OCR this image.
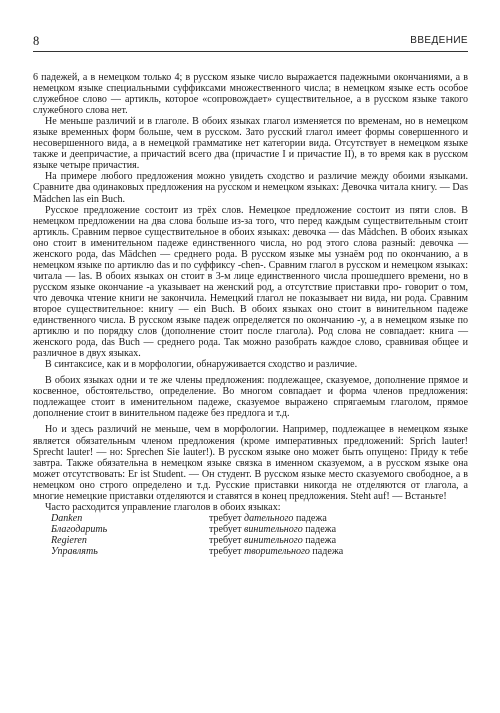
8	ВВЕДЕНИЕ

6 падежей, а в немецком только 4; в русском языке число выражается падежными окончаниями, а в немецком языке специальными суффиксами множественного числа; в немецком языке есть особое служебное слово — артикль, которое «сопровождает» существительное, а в русском языке такого служебного слова нет.

Не меньше различий и в глаголе. В обоих языках глагол изменяется по временам, но в немецком языке временных форм больше, чем в русском. Зато русский глагол имеет формы совершенного и несовершенного вида, а в немецкой грамматике нет категории вида. Отсутствует в немецком языке также и деепричастие, а причастий всего два (причастие I и причастие II), в то время как в русском языке четыре причастия.

На примере любого предложения можно увидеть сходство и различие между обоими языками. Сравните два одинаковых предложения на русском и немецком языках: Девочка читала книгу. — Das Mädchen las ein Buch.

Русское предложение состоит из трёх слов. Немецкое предложение состоит из пяти слов. В немецком предложении на два слова больше из-за того, что перед каждым существительным стоит артикль. Сравним первое существительное в обоих языках: девочка — das Mädchen. В обоих языках оно стоит в именительном падеже единственного числа, но род этого слова разный: девочка — женского рода, das Mädchen — среднего рода. В русском языке мы узнаём род по окончанию, а в немецком языке по артиклю das и по суффиксу -chen-. Сравним глагол в русском и немецком языках: читала — las. В обоих языках он стоит в 3-м лице единственного числа прошедшего времени, но в русском языке окончание -а указывает на женский род, а отсутствие приставки про- говорит о том, что девочка чтение книги не закончила. Немецкий глагол не показывает ни вида, ни рода. Сравним второе существительное: книгу — ein Buch. В обоих языках оно стоит в винительном падеже единственного числа. В русском языке падеж определяется по окончанию -у, а в немецком языке по артиклю и по порядку слов (дополнение стоит после глагола). Род слова не совпадает: книга — женского рода, das Buch — среднего рода. Так можно разобрать каждое слово, сравнивая общее и различное в двух языках.

В синтаксисе, как и в морфологии, обнаруживается сходство и различие.

В обоих языках одни и те же члены предложения: подлежащее, сказуемое, дополнение прямое и косвенное, обстоятельство, определение. Во многом совпадает и форма членов предложения: подлежащее стоит в именительном падеже, сказуемое выражено спрягаемым глаголом, прямое дополнение стоит в винительном падеже без предлога и т.д.

Но и здесь различий не меньше, чем в морфологии. Например, подлежащее в немецком языке является обязательным членом предложения (кроме императивных предложений: Sprich lauter! Sprecht lauter! — но: Sprechen Sie lauter!). В русском языке оно может быть опущено: Приду к тебе завтра. Также обязательна в немецком языке связка в именном сказуемом, а в русском языке она может отсутствовать: Er ist Student. — Он студент. В русском языке место сказуемого свободное, а в немецком оно строго определено и т.д. Русские приставки никогда не отделяются от глагола, а многие немецкие приставки отделяются и ставятся в конец предложения. Steht auf! — Встаньте!

Часто расходится управление глаголов в обоих языках:

Danken	требует дательного падежа
Благодарить	требует винительного падежа
Regieren	требует винительного падежа
Управлять	требует творительного падежа
